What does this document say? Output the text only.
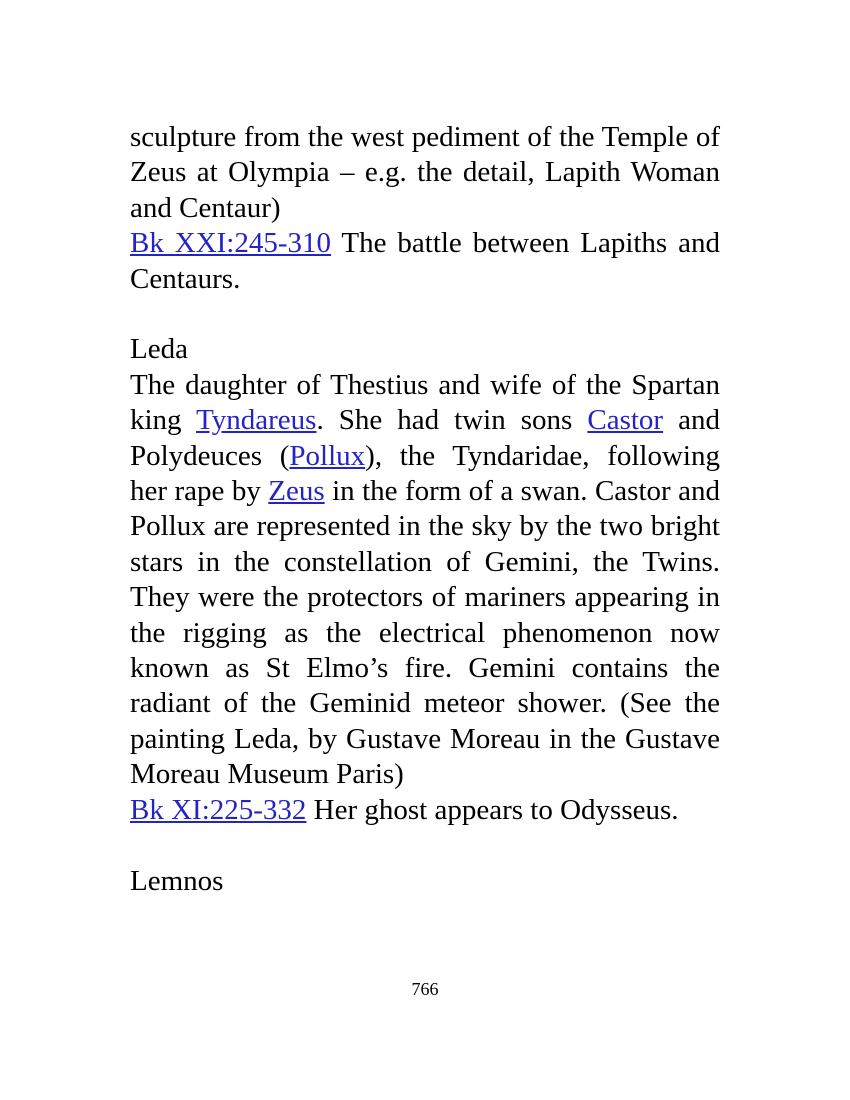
sculpture from the west pediment of the Temple of Zeus at Olympia – e.g. the detail, Lapith Woman and Centaur)
Bk XXI:245-310 The battle between Lapiths and Centaurs.

Leda

The daughter of Thestius and wife of the Spartan king Tyndareus. She had twin sons Castor and Polydeuces (Pollux), the Tyndaridae, following her rape by Zeus in the form of a swan. Castor and Pollux are represented in the sky by the two bright stars in the constellation of Gemini, the Twins. They were the protectors of mariners appearing in the rigging as the electrical phenomenon now known as St Elmo’s fire. Gemini contains the radiant of the Geminid meteor shower. (See the painting Leda, by Gustave Moreau in the Gustave Moreau Museum Paris)
Bk XI:225-332 Her ghost appears to Odysseus.

Lemnos

766
